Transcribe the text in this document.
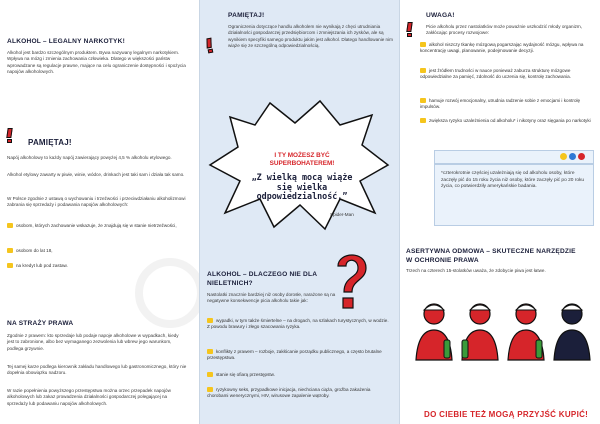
ALKOHOL – LEGALNY NARKOTYK!
Alkohol jest bardzo szczególnym produktem. Bywa nazywany legalnym narkotykiem. Wpływa na mózg i zmienia zachowania człowieka. Dlatego w większości państw wprowadzane są regulacje prawne, mające na celu ograniczenie dostępności i spożycia napojów alkoholowych.
PAMIĘTAJ!
Napój alkoholowy to każdy napój zawierający powyżej 4,5 % alkoholu etylowego.
Alkohol etylowy zawarty w piwie, winie, wódce, drinkach jest taki sam i działa tak samo.
W Polsce zgodnie z ustawą o wychowaniu i trzeźwości i przeciwdziałaniu alkoholizmowi zabrania się sprzedaży i podawania napojów alkoholowych:
osobom, których zachowanie wskazuje, że znajdują się w stanie nietrzeźwości,
osobom do lat 18,
na kredyt lub pod zastaw.
NA STRAŻY PRAWA
Zgodnie z prawem: kto sprzedaje lub podaje napoje alkoholowe w wypadkach, kiedy jest to zabronione, albo bez wymaganego zezwolenia lub wbrew jego warunkom, podlega grzywnie.
Tej samej karze podlega kierownik zakładu handlowego lub gastronomicznego, który nie dopełnia obowiązku nadzoru.
W razie popełnienia powyższego przestępstwa można orzec przepadek napojów alkoholowych lub zakaz prowadzenia działalności gospodarczej polegającej na sprzedaży lub podawaniu napojów alkoholowych.
PAMIĘTAJ!
Ograniczenia dotyczące handlu alkoholem nie wynikają z chęci utrudniania działalności gospodarczej przedsiębiorcom i zmniejszania ich zysków, ale są wynikiem specyfiki samego produktu jakim jest alkohol. Dlatego handlowanie nim wiąże się ze szczególną odpowiedzialnością.
I TY MOŻESZ BYĆ SUPERBOHATEREM!
„Z wielką mocą wiąże się wielka odpowiedzialność.”
Spider-Man
ALKOHOL – DLACZEGO NIE DLA NIELETNICH?
Nastolatki znacznie bardziej niż osoby dorosłe, narażone są na negatywne konsekwencje picia alkoholu takie jak:
wypadki, w tym także śmiertelne – na drogach, na szlakach turystycznych, w wodzie. Z powodu brawury i złego szacowania ryzyka.
konflikty z prawem – rozboje, zakłócanie porządku publicznego, a często brutalne przestępstwa.
stanie się ofiarą przestępstw.
ryzykowny seks, przypadkowe inicjacja, niechciana ciąża, groźba zakażenia chorobami wenerycznymi, HIV, wirusowe zapalenie wątroby.
UWAGA!
Picie alkoholu przez nastolatków może poważnie uszkodzić młody organizm, zakłócając procesy rozwojowe:
alkohol niszczy tkankę mózgową pogarszając wydajność mózgu, wpływa na koncentrację uwagi, planowanie, podejmowanie decyzji.
jest źródłem trudności w nauce ponieważ zaburza strukturę mózgowe odpowiedzialne za pamięć, zdolność do uczenia się, kontrolę zachowania.
hamuje rozwój emocjonalny, utrudnia radzenie sobie z emocjami i kontrolę impulsów.
zwiększa ryzyko uzależnienia od alkoholu* i nikotyny oraz sięgania po narkotyki
*czterokrotnie częściej uzależniają się od alkoholu osoby, które zaczęły pić do 15 roku życia niż osoby, które zaczęły pić po 20 roku życia, co potwierdziły amerykańskie badania.
ASERTYWNA ODMOWA – SKUTECZNE NARZĘDZIE W OCHRONIE PRAWA
Trzech na czterech 15-stolatków uważa, że zdobycie piwa jest łatwe.
DO CIEBIE TEŻ MOGĄ PRZYJŚĆ KUPIĆ!
